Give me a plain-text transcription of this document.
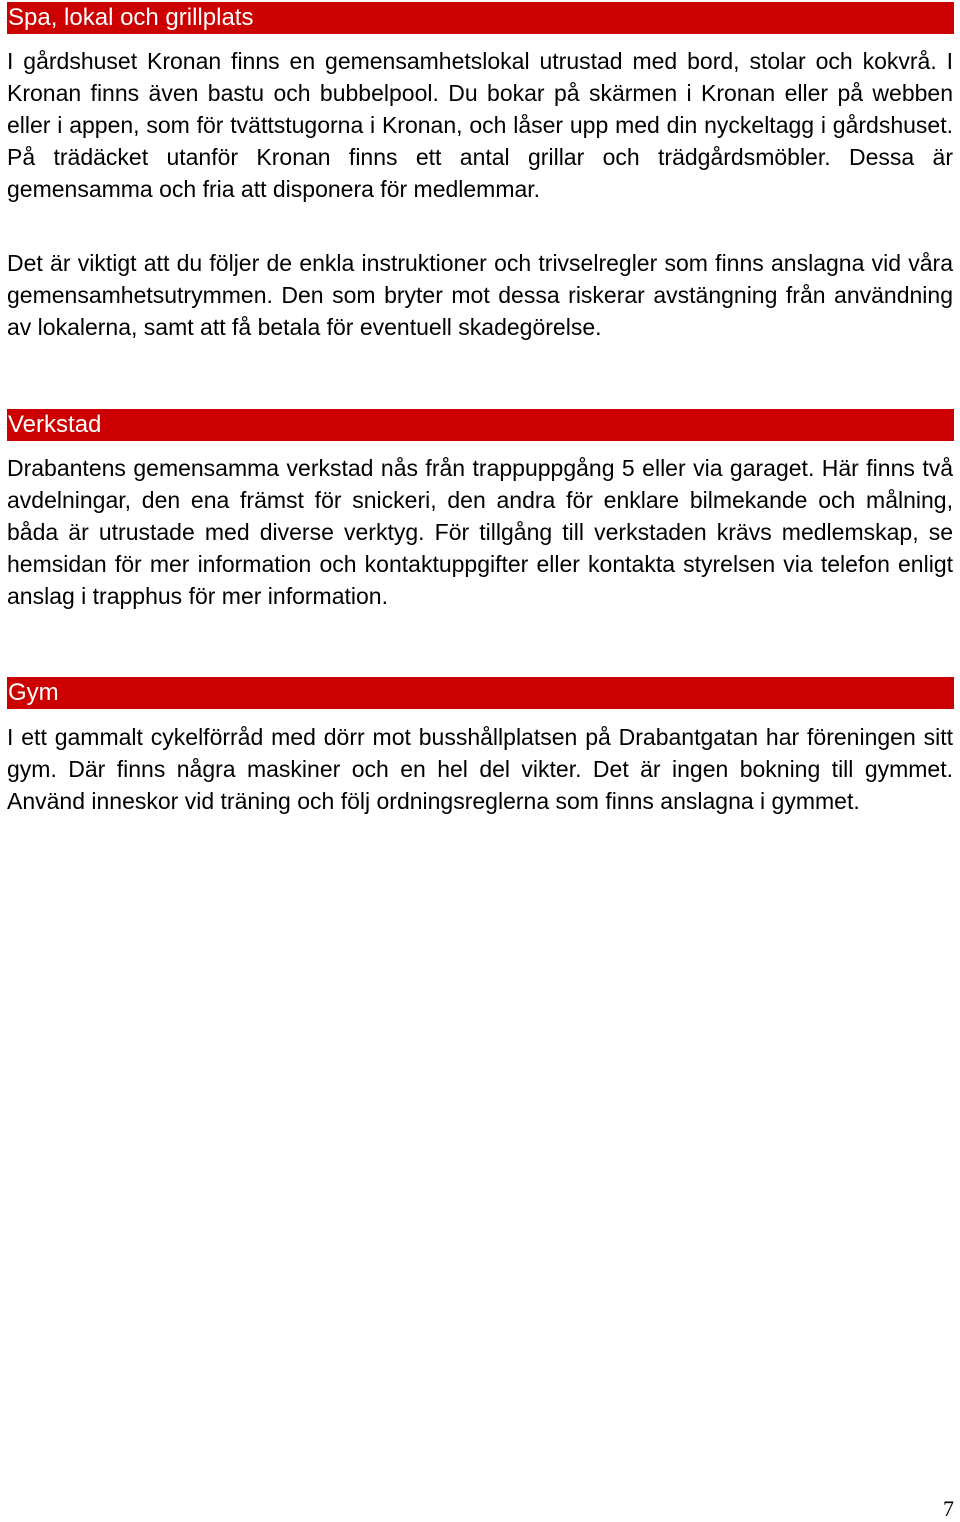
Spa, lokal och grillplats

I gårdshuset Kronan finns en gemensamhetslokal utrustad med bord, stolar och kokvrå. I Kronan finns även bastu och bubbelpool. Du bokar på skärmen i Kronan eller på webben eller i appen, som för tvättstugorna i Kronan, och låser upp med din nyckeltagg i gårdshuset. På trädäcket utanför Kronan finns ett antal grillar och trädgårdsmöbler. Dessa är gemensamma och fria att disponera för medlemmar.

Det är viktigt att du följer de enkla instruktioner och trivselregler som finns anslagna vid våra gemensamhetsutrymmen. Den som bryter mot dessa riskerar avstängning från användning av lokalerna, samt att få betala för eventuell skadegörelse.

Verkstad

Drabantens gemensamma verkstad nås från trappuppgång 5 eller via garaget. Här finns två avdelningar, den ena främst för snickeri, den andra för enklare bilmekande och målning, båda är utrustade med diverse verktyg. För tillgång till verkstaden krävs medlemskap, se hemsidan för mer information och kontaktuppgifter eller kontakta styrelsen via telefon enligt anslag i trapphus för mer information.

Gym

I ett gammalt cykelförråd med dörr mot busshållplatsen på Drabantgatan har föreningen sitt gym. Där finns några maskiner och en hel del vikter. Det är ingen bokning till gymmet. Använd inneskor vid träning och följ ordningsreglerna som finns anslagna i gymmet.

7
